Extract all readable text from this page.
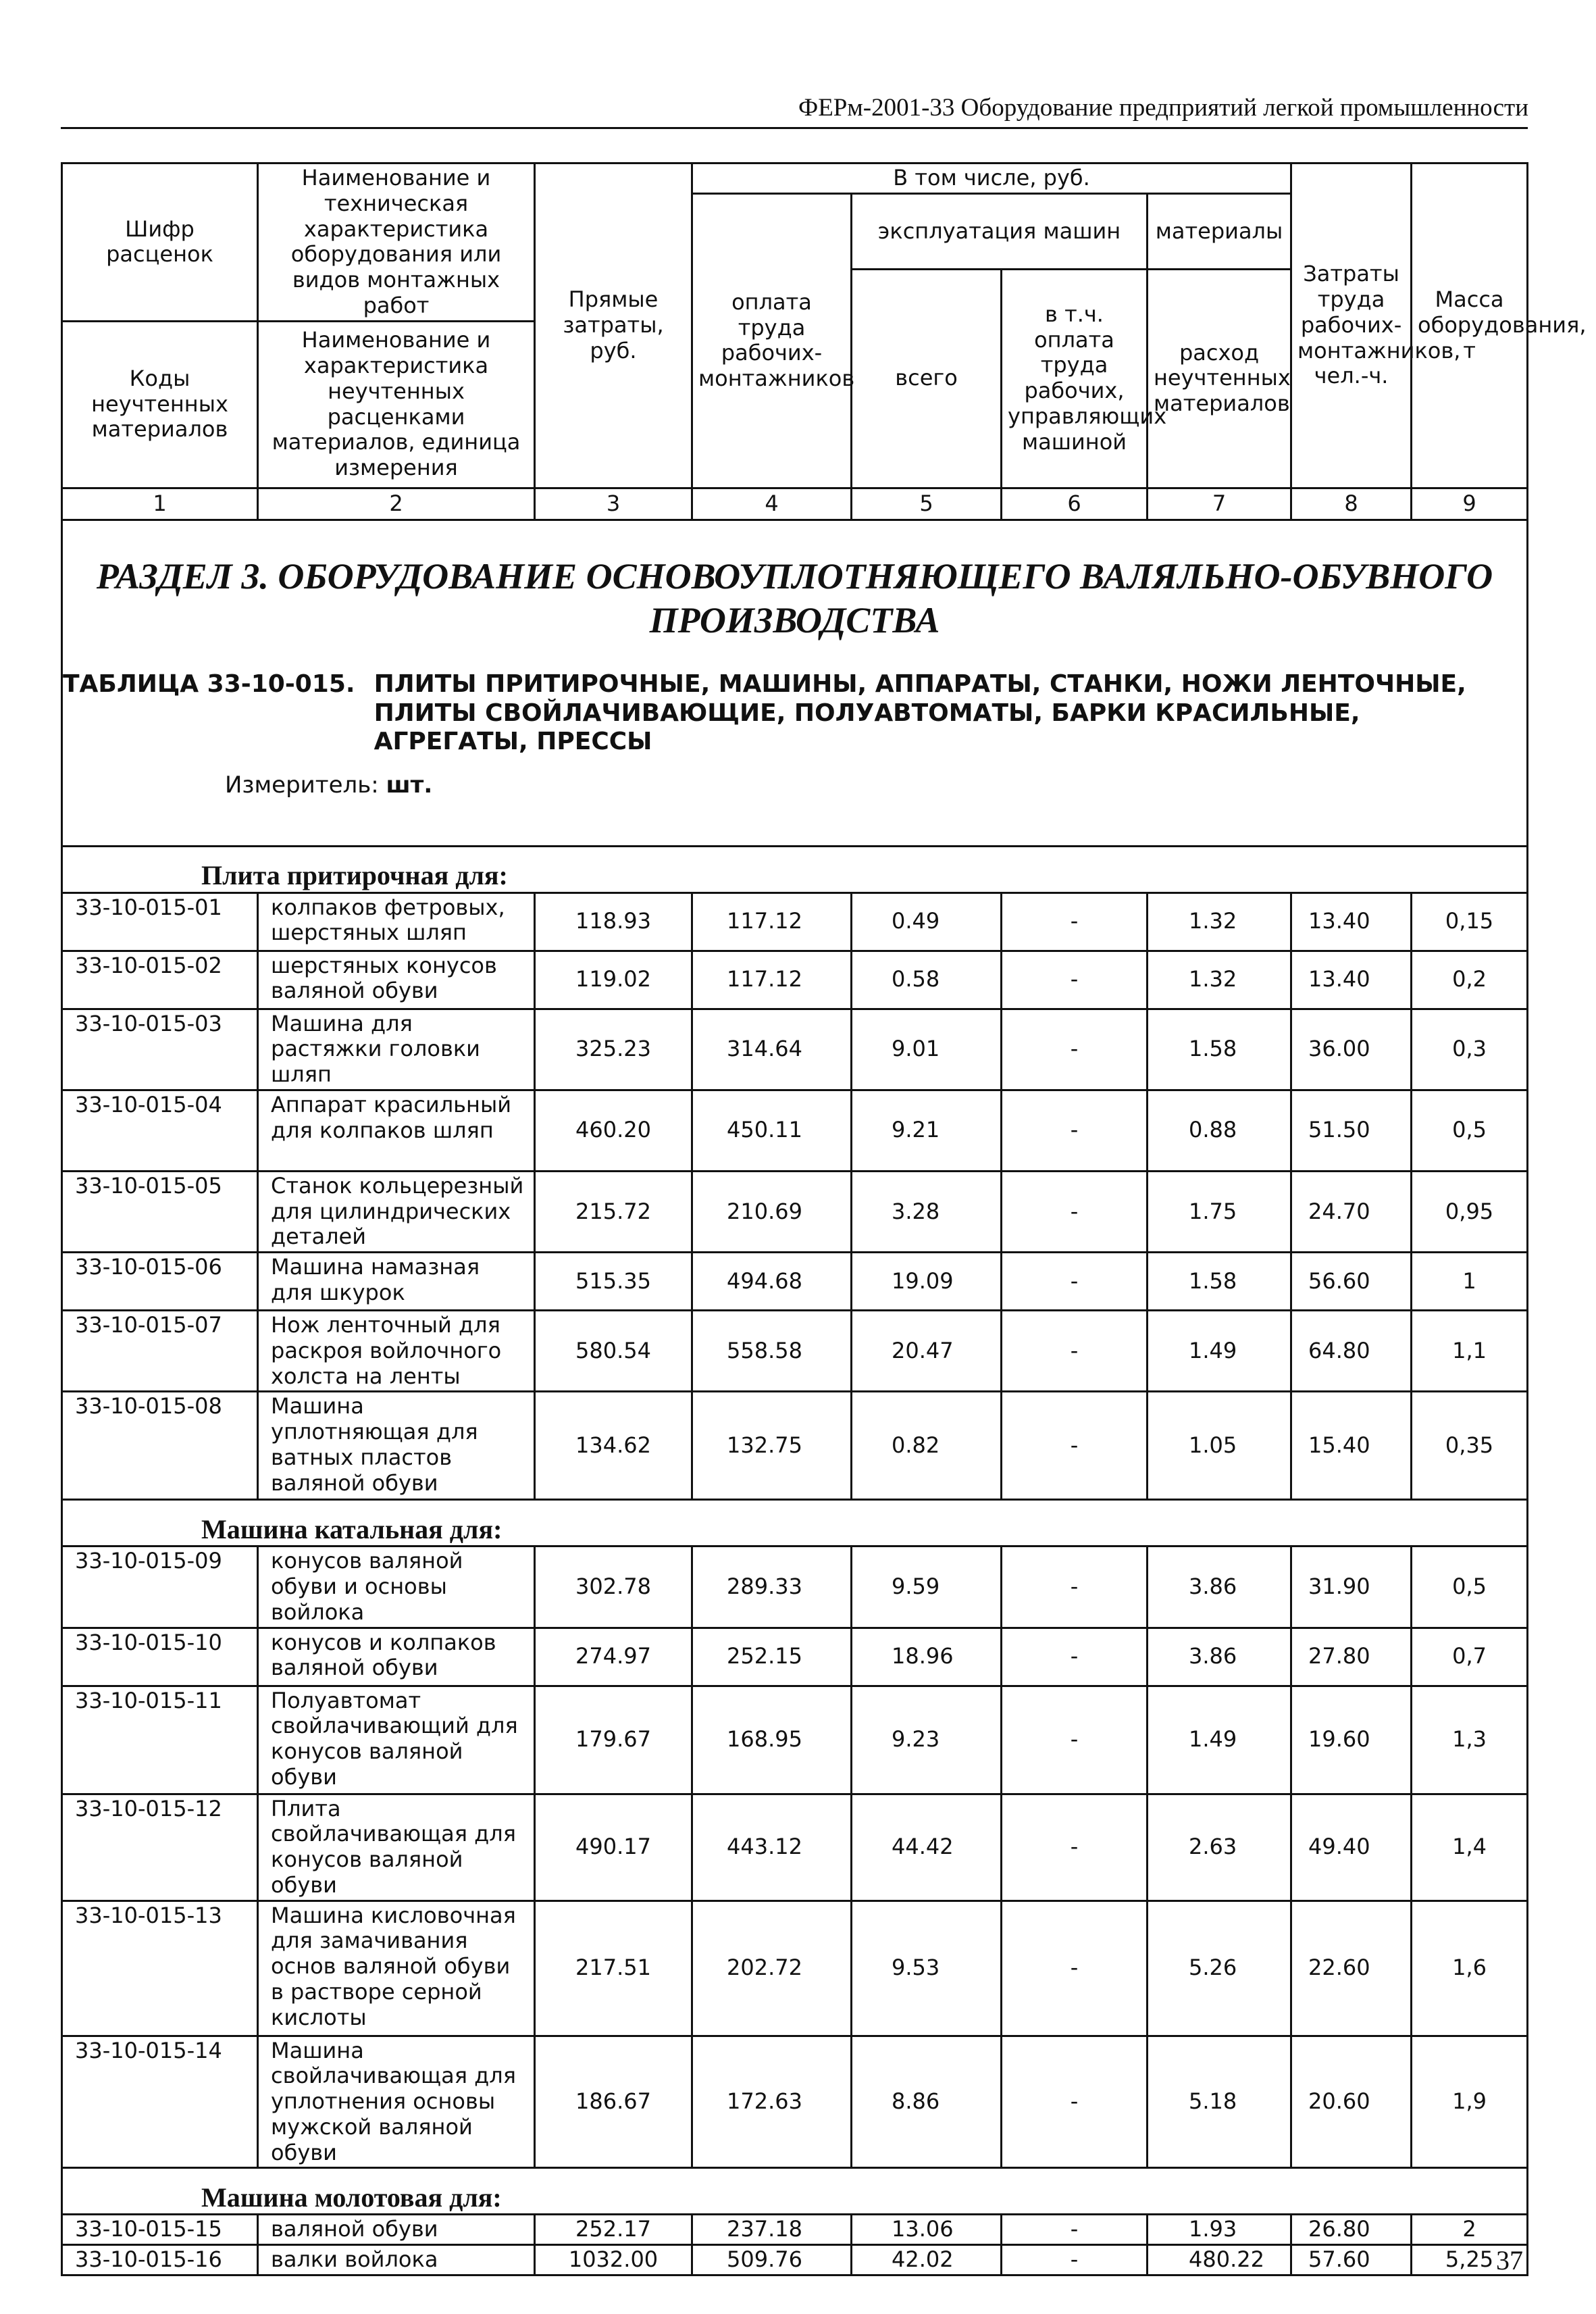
ФЕРм-2001-33 Оборудование предприятий легкой промышленности
Шифр расценок	Наименование и техническая характеристика оборудования или видов монтажных работ	Прямые затраты, руб.	В том числе, руб.				Затраты труда рабочих-монтажников, чел.-ч.	Масса оборудования, т
			оплата труда рабочих-монтажников	эксплуатация машин		материалы		
				всего	в т.ч. оплата труда рабочих, управляющих машиной	расход неучтенных материалов		
Коды неучтенных материалов	Наименование и характеристика неучтенных расценками материалов, единица измерения							

1	2	3	4	5	6	7	8	9

РАЗДЕЛ 3. ОБОРУДОВАНИЕ ОСНОВОУПЛОТНЯЮЩЕГО ВАЛЯЛЬНО-ОБУВНОГО ПРОИЗВОДСТВА
ТАБЛИЦА 33-10-015. ПЛИТЫ ПРИТИРОЧНЫЕ, МАШИНЫ, АППАРАТЫ, СТАНКИ, НОЖИ ЛЕНТОЧНЫЕ, ПЛИТЫ СВОЙЛАЧИВАЮЩИЕ, ПОЛУАВТОМАТЫ, БАРКИ КРАСИЛЬНЫЕ, АГРЕГАТЫ, ПРЕССЫ
Измеритель: шт.								

Плита притирочная для:								
33-10-015-01	колпаков фетровых, шерстяных шляп	118.93	117.12	0.49	-	1.32	13.40	0,15
33-10-015-02	шерстяных конусов валяной обуви	119.02	117.12	0.58	-	1.32	13.40	0,2
33-10-015-03	Машина для растяжки головки шляп	325.23	314.64	9.01	-	1.58	36.00	0,3
33-10-015-04	Аппарат красильный для колпаков шляп	460.20	450.11	9.21	-	0.88	51.50	0,5
33-10-015-05	Станок кольцерезный для цилиндрических деталей	215.72	210.69	3.28	-	1.75	24.70	0,95
33-10-015-06	Машина намазная для шкурок	515.35	494.68	19.09	-	1.58	56.60	1
33-10-015-07	Нож ленточный для раскроя войлочного холста на ленты	580.54	558.58	20.47	-	1.49	64.80	1,1
33-10-015-08	Машина уплотняющая для ватных пластов валяной обуви	134.62	132.75	0.82	-	1.05	15.40	0,35
Машина катальная для:								
33-10-015-09	конусов валяной обуви и основы войлока	302.78	289.33	9.59	-	3.86	31.90	0,5
33-10-015-10	конусов и колпаков валяной обуви	274.97	252.15	18.96	-	3.86	27.80	0,7
33-10-015-11	Полуавтомат свойлачивающий для конусов валяной обуви	179.67	168.95	9.23	-	1.49	19.60	1,3
33-10-015-12	Плита свойлачивающая для конусов валяной обуви	490.17	443.12	44.42	-	2.63	49.40	1,4
33-10-015-13	Машина кисловочная для замачивания основ валяной обуви в растворе серной кислоты	217.51	202.72	9.53	-	5.26	22.60	1,6
33-10-015-14	Машина свойлачивающая для уплотнения основы мужской валяной обуви	186.67	172.63	8.86	-	5.18	20.60	1,9
Машина молотовая для:								
33-10-015-15	валяной обуви	252.17	237.18	13.06	-	1.93	26.80	2
33-10-015-16	валки войлока	1032.00	509.76	42.02	-	480.22	57.60	5,25 37
